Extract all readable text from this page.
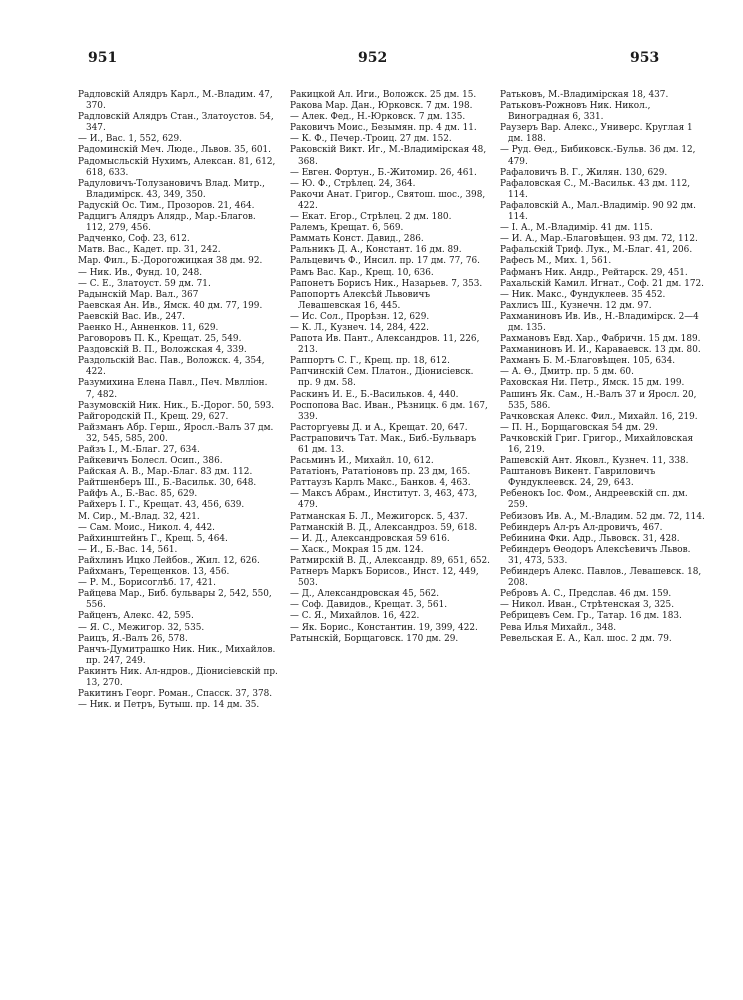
951	952	953

Радловскій Алядръ Карл., М.-Владим. 47, 370.

Радловскій Алядръ Стан., Златоустов. 54, 347.

— И., Вас. 1, 552, 629.

Радоминскій Меч. Люде., Львов. 35, 601.

Радомысльскій Нухимъ, Алексан. 81, 612, 618, 633.

Радуловичъ-Толузановичъ Влад. Митр., Владимірск. 43, 349, 350.

Радускій Ос. Тим., Прозоров. 21, 464.

Радцигъ Алядръ Алядр., Мар.-Благов. 112, 279, 456.

Радченко, Соф. 23, 612.

Матв. Вас., Кадет. пр. 31, 242.

Мар. Фил., Б.-Дорогожицкая 38 дм. 92.

— Ник. Ив., Фунд. 10, 248.

— С. Е., Златоуст. 59 дм. 71.

Радынскій Мар. Вал., 367

Раевская Ан. Ив., Ямск. 40 дм. 77, 199.

Раевскій Вас. Ив., 247.

Раенко Н., Анненков. 11, 629.

Раговоровъ П. К., Крещат. 25, 549.

Раздовскій В. П., Воложская 4, 339.

Раздольскій Вас. Пав., Воложск. 4, 354, 422.

Разумихина Елена Павл., Печ. Мвлліон. 7, 482.

Разумовскій Ник. Ник., Б.-Дорог. 50, 593.

Райгородскій П., Крещ. 29, 627.

Райзманъ Абр. Герш., Яросл.-Валъ 37 дм. 32, 545, 585, 200.

Райзъ І., М.-Благ. 27, 634.

Райкевичъ Болесл. Осип., 386.

Райская А. В., Мар.-Благ. 83 дм. 112.

Райтшенберъ Ш., Б.-Васильк. 30, 648.

Райфъ А., Б.-Вас. 85, 629.

Райхеръ І. Г., Крещат. 43, 456, 639.

М. Сир., М.-Влад. 32, 421.

— Сам. Моис., Никол. 4, 442.

Райхинштейнъ Г., Крещ. 5, 464.

— И., Б.-Вас. 14, 561.

Райхлинъ Ицко Лейбов., Жил. 12, 626.

Райхманъ, Терещенков. 13, 456.

— Р. М., Борисоглѣб. 17, 421.

Райцева Мар., Биб. бульвары 2, 542, 550, 556.

Райценъ, Алекс. 42, 595.

— Я. С., Межигор. 32, 535.

Раицъ, Я.-Валъ 26, 578.

Ранчъ-Думитрашко Ник. Ник., Михайлов. пр. 247, 249.

Ракинтъ Ник. Ал-ндров., Діонисіевскій пр. 13, 270.

Ракитинъ Георг. Роман., Спасск. 37, 378.

— Ник. и Петръ, Бутыш. пр. 14 дм. 35.

Ракицкой Ал. Иги., Воложск. 25 дм. 15.

Ракова Мар. Дан., Юрковск. 7 дм. 198.

— Алек. Фед., Н.-Юрковск. 7 дм. 135.

Раковичъ Моис., Безымян. пр. 4 дм. 11.

— К. Ф., Печер.-Троиц. 27 дм. 152.

Раковскій Викт. Иг., М.-Владимірская 48, 368.

— Евген. Фортун., Б.-Житомир. 26, 461.

— Ю. Ф., Стрѣлец. 24, 364.

Ракочи Анат. Григор., Святош. шос., 398, 422.

— Екат. Егор., Стрѣлец. 2 дм. 180.

Ралемъ, Крещат. 6, 569.

Раммать Конст. Давид., 286.

Ральникъ Д. А., Констант. 16 дм. 89.

Ральцевичъ Ф., Инсил. пр. 17 дм. 77, 76.

Рамъ Вас. Кар., Крещ. 10, 636.

Рапонетъ Борисъ Ник., Назарьев. 7, 353.

Рапопортъ Алексѣй Львовичъ Левашевская 16, 445.

— Ис. Сол., Прорѣзн. 12, 629.

— К. Л., Кузнеч. 14, 284, 422.

Рапота Ив. Пант., Александров. 11, 226, 213.

Раппортъ С. Г., Крещ. пр. 18, 612.

Рапчинскій Сем. Платон., Діонисіевск. пр. 9 дм. 58.

Раскинъ И. Е., Б.-Васильков. 4, 440.

Роспопова Вас. Иван., Рѣзницк. 6 дм. 167, 339.

Расторгуевы Д. и А., Крещат. 20, 647.

Растраповичъ Тат. Мак., Биб.-Бульваръ 61 дм. 13.

Расьминъ И., Михайл. 10, 612.

Рататіонъ, Рататіоновъ пр. 23 дм, 165.

Раттаузъ Карлъ Макс., Банков. 4, 463.

— Максъ Абрам., Институт. 3, 463, 473, 479.

Ратманская Б. Л., Межигорск. 5, 437.

Ратманскій В. Д., Александроз. 59, 618.

— И. Д., Александровская 59 616.

— Хаск., Мокрая 15 дм. 124.

Ратмирскій В. Д., Александр. 89, 651, 652.

Ратнеръ Маркъ Борисов., Инст. 12, 449, 503.

— Д., Александровская 45, 562.

— Соф. Давидов., Крещат. 3, 561.

— С. Я., Михайлов. 16, 422.

— Як. Борис., Константин. 19, 399, 422.

Ратынскій, Борщаговск. 170 дм. 29.

Ратьковъ, М.-Владимірская 18, 437.

Ратьковъ-Рожновъ Ник. Никол., Виноградная 6, 331.

Раузеръ Вар. Алекс., Универс. Круглая 1 дм. 188.

— Руд. Өед., Бибиковск.-Бульв. 36 дм. 12, 479.

Рафаловичъ В. Г., Жилян. 130, 629.

Рафаловская С., М.-Васильк. 43 дм. 112, 114.

Рафаловскій А., Мал.-Владимір. 90 92 дм. 114.

— І. А., М.-Владимір. 41 дм. 115.

— И. А., Мар.-Благовѣщен. 93 дм. 72, 112.

Рафальскій Триф. Лук., М.-Благ. 41, 206.

Рафесъ М., Мих. 1, 561.

Рафманъ Ник. Андр., Рейтарск. 29, 451.

Рахальскій Камил. Игнат., Соф. 21 дм. 172.

— Ник. Макс., Фундуклеев. 35 452.

Рахлисъ Ш., Кузнечн. 12 дм. 97.

Рахманиновъ Ив. Ив., Н.-Владимірск. 2—4 дм. 135.

Рахмановъ Евд. Хар., Фабричн. 15 дм. 189.

Рахманиновъ И. И., Караваевск. 13 дм. 80.

Рахманъ Б. М.-Благовѣщен. 105, 634.

— А. Ө., Дмитр. пр. 5 дм. 60.

Раховская Ни. Петр., Ямск. 15 дм. 199.

Рашинъ Як. Сам., Н.-Валъ 37 и Яросл. 20, 535, 586.

Рачковская Алекс. Фил., Михайл. 16, 219.

— П. Н., Борщаговская 54 дм. 29.

Рачковскій Григ. Григор., Михайловская 16, 219.

Рашевскій Ант. Яковл., Кузнеч. 11, 338.

Раштановъ Викент. Гавриловичъ Фундуклеевск. 24, 29, 643.

Ребенокъ Іос. Фом., Андреевскій сп. дм. 259.

Ребизовъ Ив. А., М.-Владим. 52 дм. 72, 114.

Ребиндеръ Ал-ръ Ал-дровичъ, 467.

Ребинина Фки. Адр., Львовск. 31, 428.

Ребиндеръ Өеодоръ Алексѣевичъ Львов. 31, 473, 533.

Ребиндеръ Алекс. Павлов., Левашевск. 18, 208.

Ребровъ А. С., Предслав. 46 дм. 159.

— Никол. Иван., Стрѣтенская 3, 325.

Ребрицевъ Сем. Гр., Татар. 16 дм. 183.

Рева Илья Михайл., 348.

Ревельская Е. А., Кал. шос. 2 дм. 79.
